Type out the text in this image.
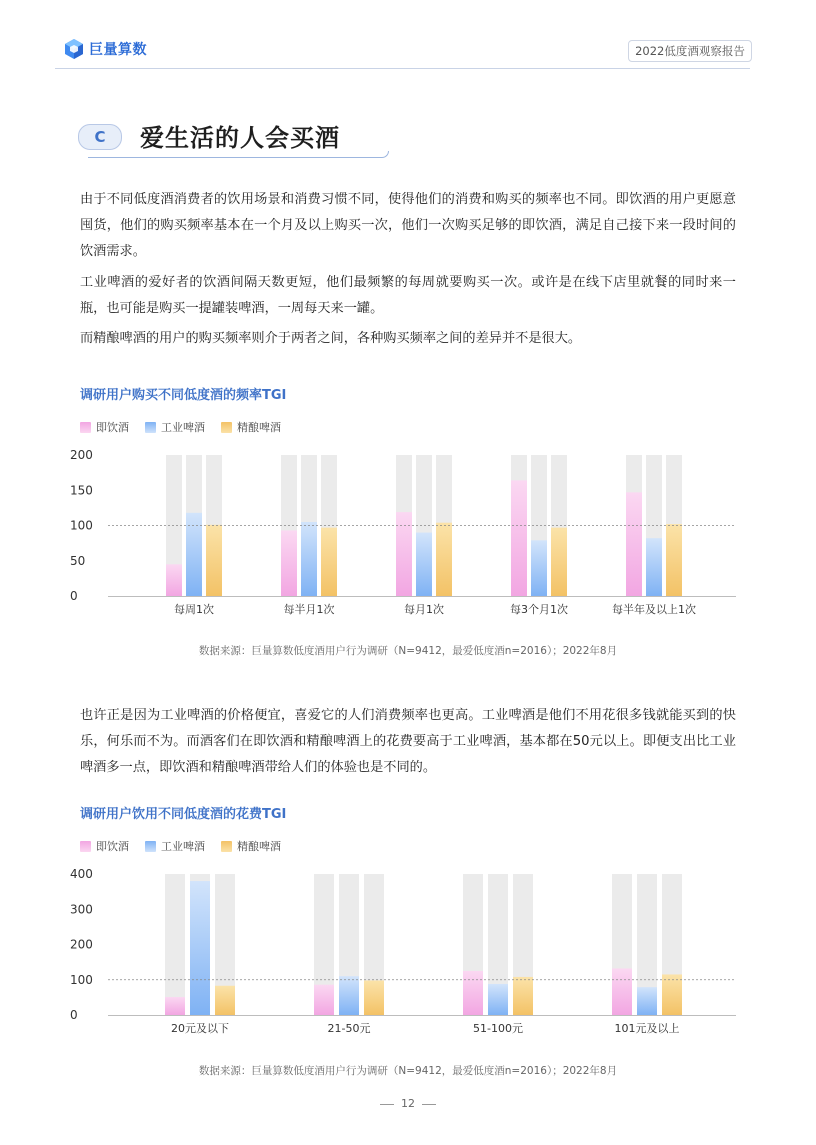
巨量算数	2022低度酒观察报告
C	爱生活的人会买酒

由于不同低度酒消费者的饮用场景和消费习惯不同，使得他们的消费和购买的频率也不同。即饮酒的用户更愿意囤货，他们的购买频率基本在一个月及以上购买一次，他们一次购买足够的即饮酒，满足自己接下来一段时间的饮酒需求。

工业啤酒的爱好者的饮酒间隔天数更短，他们最频繁的每周就要购买一次。或许是在线下店里就餐的同时来一瓶，也可能是购买一提罐装啤酒，一周每天来一罐。

而精酿啤酒的用户的购买频率则介于两者之间，各种购买频率之间的差异并不是很大。

调研用户购买不同低度酒的频率TGI
即饮酒	工业啤酒	精酿啤酒
0
50
100
150
200
每周1次	每半月1次	每月1次	每3个月1次	每半年及以上1次
数据来源：巨量算数低度酒用户行为调研（N=9412，最爱低度酒n=2016）；2022年8月

也许正是因为工业啤酒的价格便宜，喜爱它的人们消费频率也更高。工业啤酒是他们不用花很多钱就能买到的快乐，何乐而不为。而酒客们在即饮酒和精酿啤酒上的花费要高于工业啤酒，基本都在50元以上。即便支出比工业啤酒多一点，即饮酒和精酿啤酒带给人们的体验也是不同的。

调研用户饮用不同低度酒的花费TGI
即饮酒	工业啤酒	精酿啤酒
0
100
200
300
400
20元及以下	21-50元	51-100元	101元及以上
数据来源：巨量算数低度酒用户行为调研（N=9412，最爱低度酒n=2016）；2022年8月
12
